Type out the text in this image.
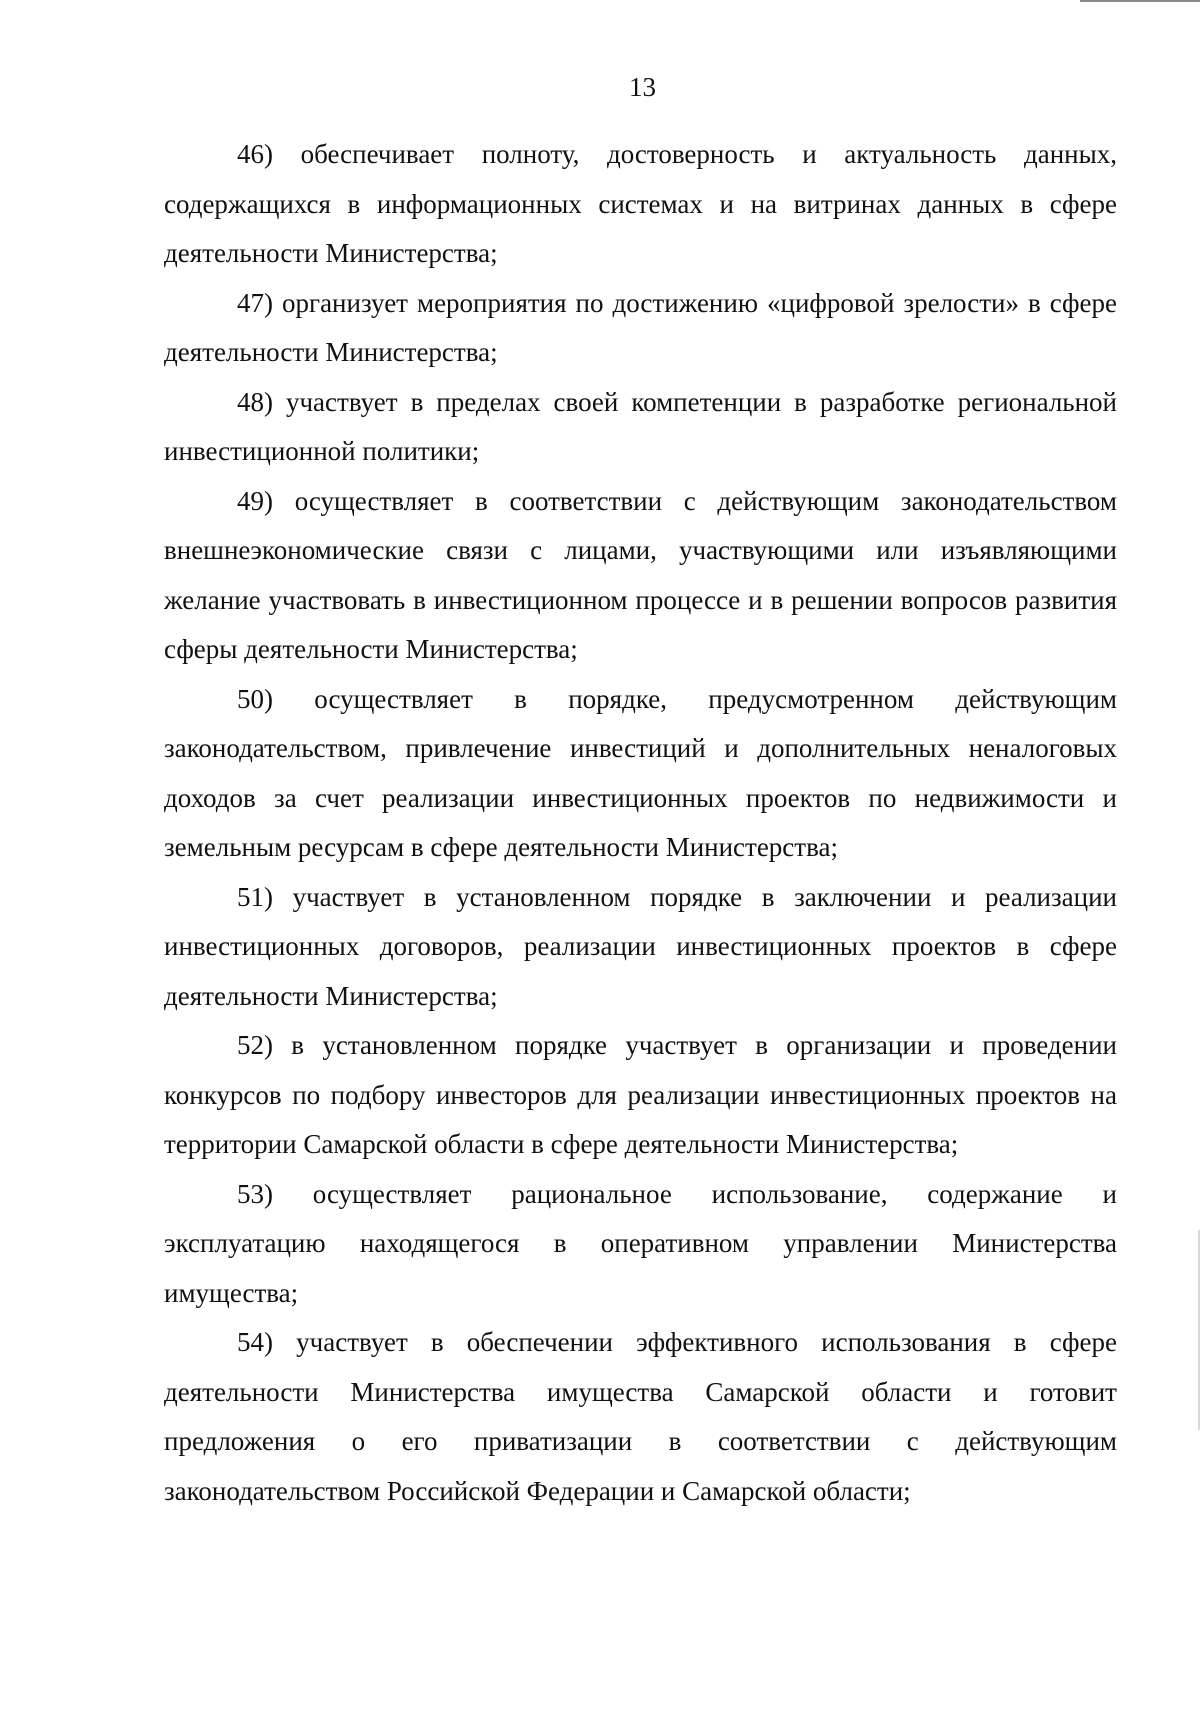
13

46) обеспечивает полноту, достоверность и актуальность данных, содержащихся в информационных системах и на витринах данных в сфере деятельности Министерства;

47) организует мероприятия по достижению «цифровой зрелости» в сфере деятельности Министерства;

48) участвует в пределах своей компетенции в разработке региональной инвестиционной политики;

49) осуществляет в соответствии с действующим законодательством внешнеэкономические связи с лицами, участвующими или изъявляющими желание участвовать в инвестиционном процессе и в решении вопросов развития сферы деятельности Министерства;

50) осуществляет в порядке, предусмотренном действующим законодательством, привлечение инвестиций и дополнительных неналоговых доходов за счет реализации инвестиционных проектов по недвижимости и земельным ресурсам в сфере деятельности Министерства;

51) участвует в установленном порядке в заключении и реализации инвестиционных договоров, реализации инвестиционных проектов в сфере деятельности Министерства;

52) в установленном порядке участвует в организации и проведении конкурсов по подбору инвесторов для реализации инвестиционных проектов на территории Самарской области в сфере деятельности Министерства;

53) осуществляет рациональное использование, содержание и эксплуатацию находящегося в оперативном управлении Министерства имущества;

54) участвует в обеспечении эффективного использования в сфере деятельности Министерства имущества Самарской области и готовит предложения о его приватизации в соответствии с действующим законодательством Российской Федерации и Самарской области;
